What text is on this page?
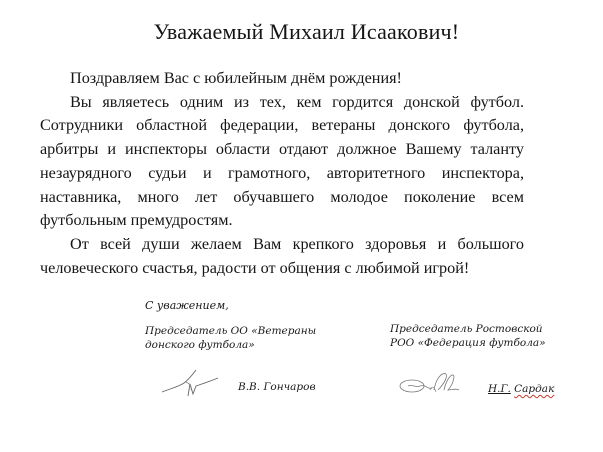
Уважаемый Михаил Исаакович!

Поздравляем Вас с юбилейным днём рождения!

Вы являетесь одним из тех, кем гордится донской футбол. Сотрудники областной федерации, ветераны донского футбола, арбитры и инспекторы области отдают должное Вашему таланту незаурядного судьи и грамотного, авторитетного инспектора, наставника, много лет обучавшего молодое поколение всем футбольным премудростям.

От всей души желаем Вам крепкого здоровья и большого человеческого счастья, радости от общения с любимой игрой!

С уважением,
Председатель ОО «Ветераны
донского футбола»
Председатель Ростовской
РОО «Федерация футбола»
В.В. Гончаров	Н.Г. Сардак
